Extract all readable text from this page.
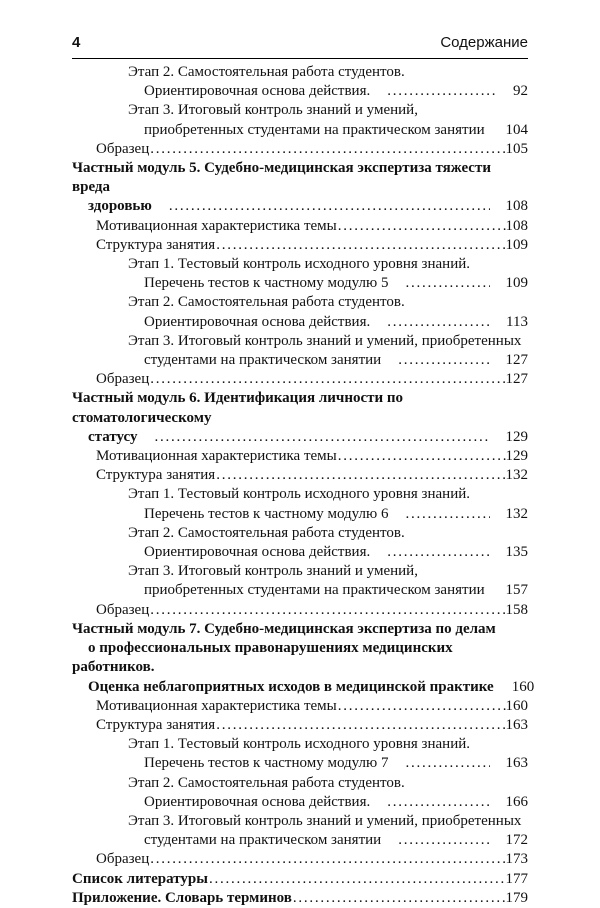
4	Содержание
Этап 2. Самостоятельная работа студентов.
Ориентировочная основа действия. . . .	92
Этап 3. Итоговый контроль знаний и умений,
приобретенных студентами на практическом занятии . . .	104
Образец . . .	105
Частный модуль 5. Судебно-медицинская экспертиза тяжести вреда
здоровью . . .	108
Мотивационная характеристика темы . . .	108
Структура занятия . . .	109
Этап 1. Тестовый контроль исходного уровня знаний.
Перечень тестов к частному модулю 5 . . .	109
Этап 2. Самостоятельная работа студентов.
Ориентировочная основа действия. . . .	113
Этап 3. Итоговый контроль знаний и умений, приобретенных
студентами на практическом занятии . . .	127
Образец . . .	127
Частный модуль 6. Идентификация личности по стоматологическому
статусу . . .	129
Мотивационная характеристика темы . . .	129
Структура занятия . . .	132
Этап 1. Тестовый контроль исходного уровня знаний.
Перечень тестов к частному модулю 6 . . .	132
Этап 2. Самостоятельная работа студентов.
Ориентировочная основа действия. . . .	135
Этап 3. Итоговый контроль знаний и умений,
приобретенных студентами на практическом занятии . . .	157
Образец . . .	158
Частный модуль 7. Судебно-медицинская экспертиза по делам
о профессиональных правонарушениях медицинских работников.
Оценка неблагоприятных исходов в медицинской практике . . .	160
Мотивационная характеристика темы . . .	160
Структура занятия . . .	163
Этап 1. Тестовый контроль исходного уровня знаний.
Перечень тестов к частному модулю 7 . . .	163
Этап 2. Самостоятельная работа студентов.
Ориентировочная основа действия. . . .	166
Этап 3. Итоговый контроль знаний и умений, приобретенных
студентами на практическом занятии . . .	172
Образец . . .	173
Список литературы . . .	177
Приложение. Словарь терминов . . .	179
